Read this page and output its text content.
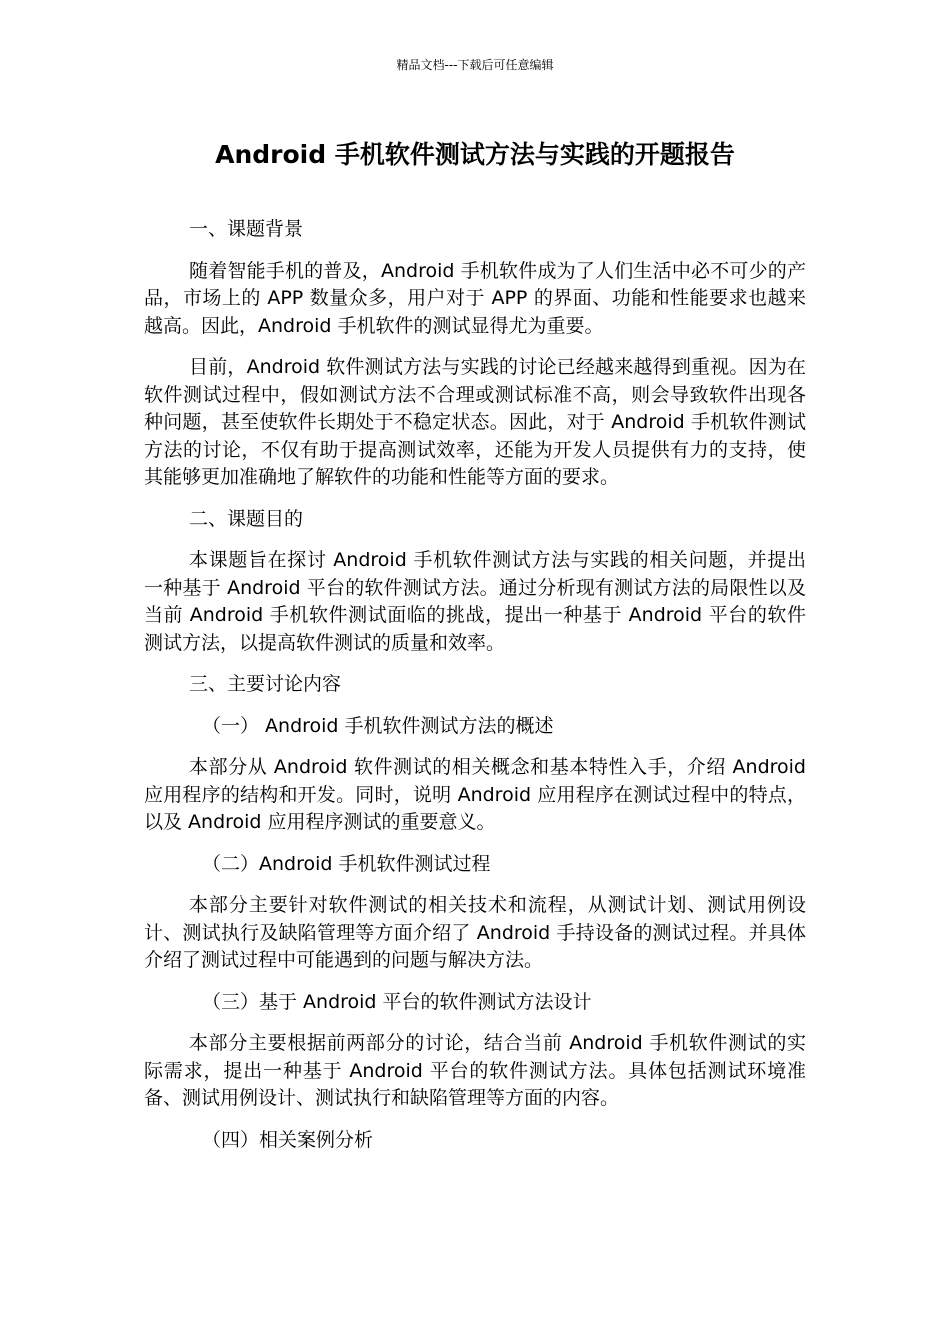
精品文档---下载后可任意编辑
Android 手机软件测试方法与实践的开题报告

一、课题背景

随着智能手机的普及，Android 手机软件成为了人们生活中必不可少的产品，市场上的 APP 数量众多，用户对于 APP 的界面、功能和性能要求也越来越高。因此，Android 手机软件的测试显得尤为重要。

目前，Android 软件测试方法与实践的讨论已经越来越得到重视。因为在软件测试过程中，假如测试方法不合理或测试标准不高，则会导致软件出现各种问题，甚至使软件长期处于不稳定状态。因此，对于 Android 手机软件测试方法的讨论，不仅有助于提高测试效率，还能为开发人员提供有力的支持，使其能够更加准确地了解软件的功能和性能等方面的要求。

二、课题目的

本课题旨在探讨 Android 手机软件测试方法与实践的相关问题，并提出一种基于 Android 平台的软件测试方法。通过分析现有测试方法的局限性以及当前 Android 手机软件测试面临的挑战，提出一种基于 Android 平台的软件测试方法，以提高软件测试的质量和效率。

三、主要讨论内容

（一） Android 手机软件测试方法的概述

本部分从 Android 软件测试的相关概念和基本特性入手，介绍 Android 应用程序的结构和开发。同时，说明 Android 应用程序在测试过程中的特点，以及 Android 应用程序测试的重要意义。

（二）Android 手机软件测试过程

本部分主要针对软件测试的相关技术和流程，从测试计划、测试用例设计、测试执行及缺陷管理等方面介绍了 Android 手持设备的测试过程。并具体介绍了测试过程中可能遇到的问题与解决方法。

（三）基于 Android 平台的软件测试方法设计

本部分主要根据前两部分的讨论，结合当前 Android 手机软件测试的实际需求，提出一种基于 Android 平台的软件测试方法。具体包括测试环境准备、测试用例设计、测试执行和缺陷管理等方面的内容。

（四）相关案例分析
